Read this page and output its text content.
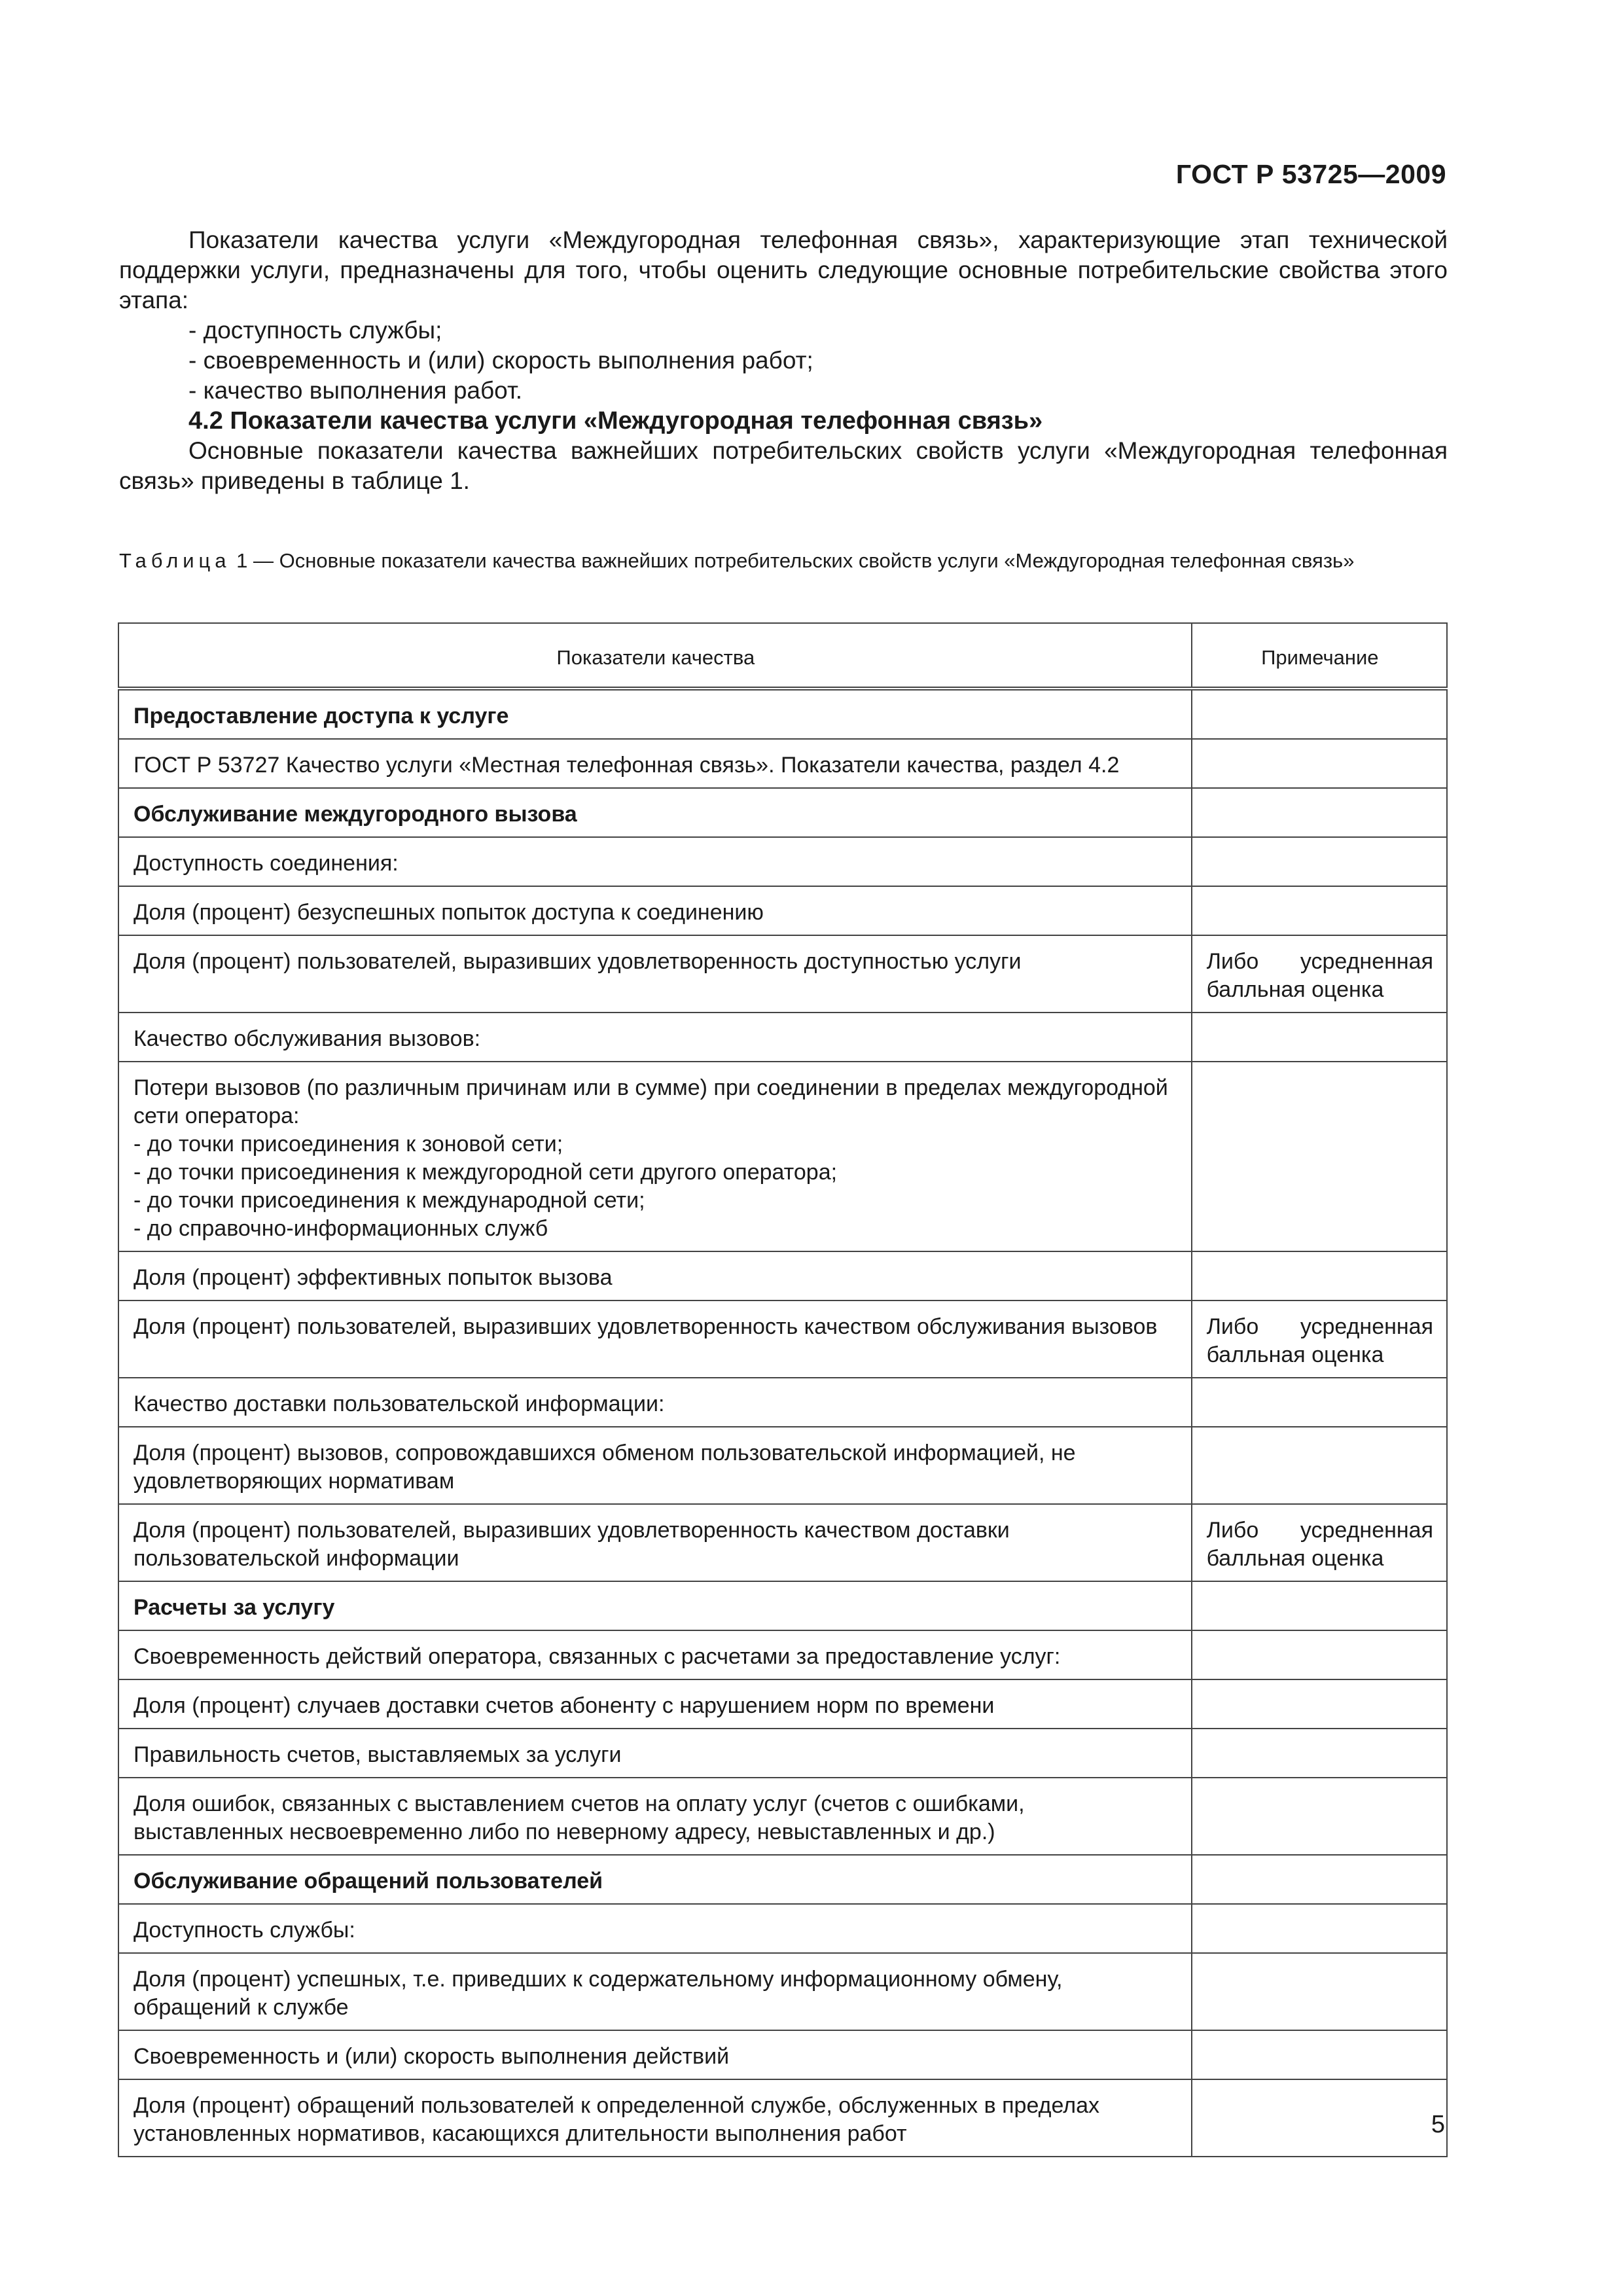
ГОСТ Р 53725—2009

Показатели качества услуги «Междугородная телефонная связь», характеризующие этап технической поддержки услуги, предназначены для того, чтобы оценить следующие основные потребительские свойства этого этапа:

- доступность службы;

- своевременность и (или) скорость выполнения работ;

- качество выполнения работ.

4.2 Показатели качества услуги «Междугородная телефонная связь»

Основные показатели качества важнейших потребительских свойств услуги «Междугородная телефонная связь» приведены в таблице 1.

Таблица 1 — Основные показатели качества важнейших потребительских свойств услуги «Междугородная телефонная связь»
Показатели качества	Примечание
Предоставление доступа к услуге	
ГОСТ Р 53727 Качество услуги «Местная телефонная связь». Показатели качества, раздел 4.2	
Обслуживание междугородного вызова	
Доступность соединения:	
Доля (процент) безуспешных попыток доступа к соединению	
Доля (процент) пользователей, выразивших удовлетворенность доступностью услуги	Либо усредненная балльная оценка
Качество обслуживания вызовов:	

Потери вызовов (по различным причинам или в сумме) при соединении в пределах междугородной сети оператора:
- до точки присоединения к зоновой сети;
- до точки присоединения к междугородной сети другого оператора;
- до точки присоединения к международной сети;
- до справочно-информационных служб	

Доля (процент) эффективных попыток вызова	
Доля (процент) пользователей, выразивших удовлетворенность качеством обслуживания вызовов	Либо усредненная балльная оценка
Качество доставки пользовательской информации:	
Доля (процент) вызовов, сопровождавшихся обменом пользовательской информацией, не удовлетворяющих нормативам	
Доля (процент) пользователей, выразивших удовлетворенность качеством доставки пользовательской информации	Либо усредненная балльная оценка
Расчеты за услугу	
Своевременность действий оператора, связанных с расчетами за предоставление услуг:	
Доля (процент) случаев доставки счетов абоненту с нарушением норм по времени	
Правильность счетов, выставляемых за услуги	
Доля ошибок, связанных с выставлением счетов на оплату услуг (счетов с ошибками, выставленных несвоевременно либо по неверному адресу, невыставленных и др.)	
Обслуживание обращений пользователей	
Доступность службы:	
Доля (процент) успешных, т.е. приведших к содержательному информационному обмену, обращений к службе	
Своевременность и (или) скорость выполнения действий	
Доля (процент) обращений пользователей к определенной службе, обслуженных в пределах установленных нормативов, касающихся длительности выполнения работ		5
